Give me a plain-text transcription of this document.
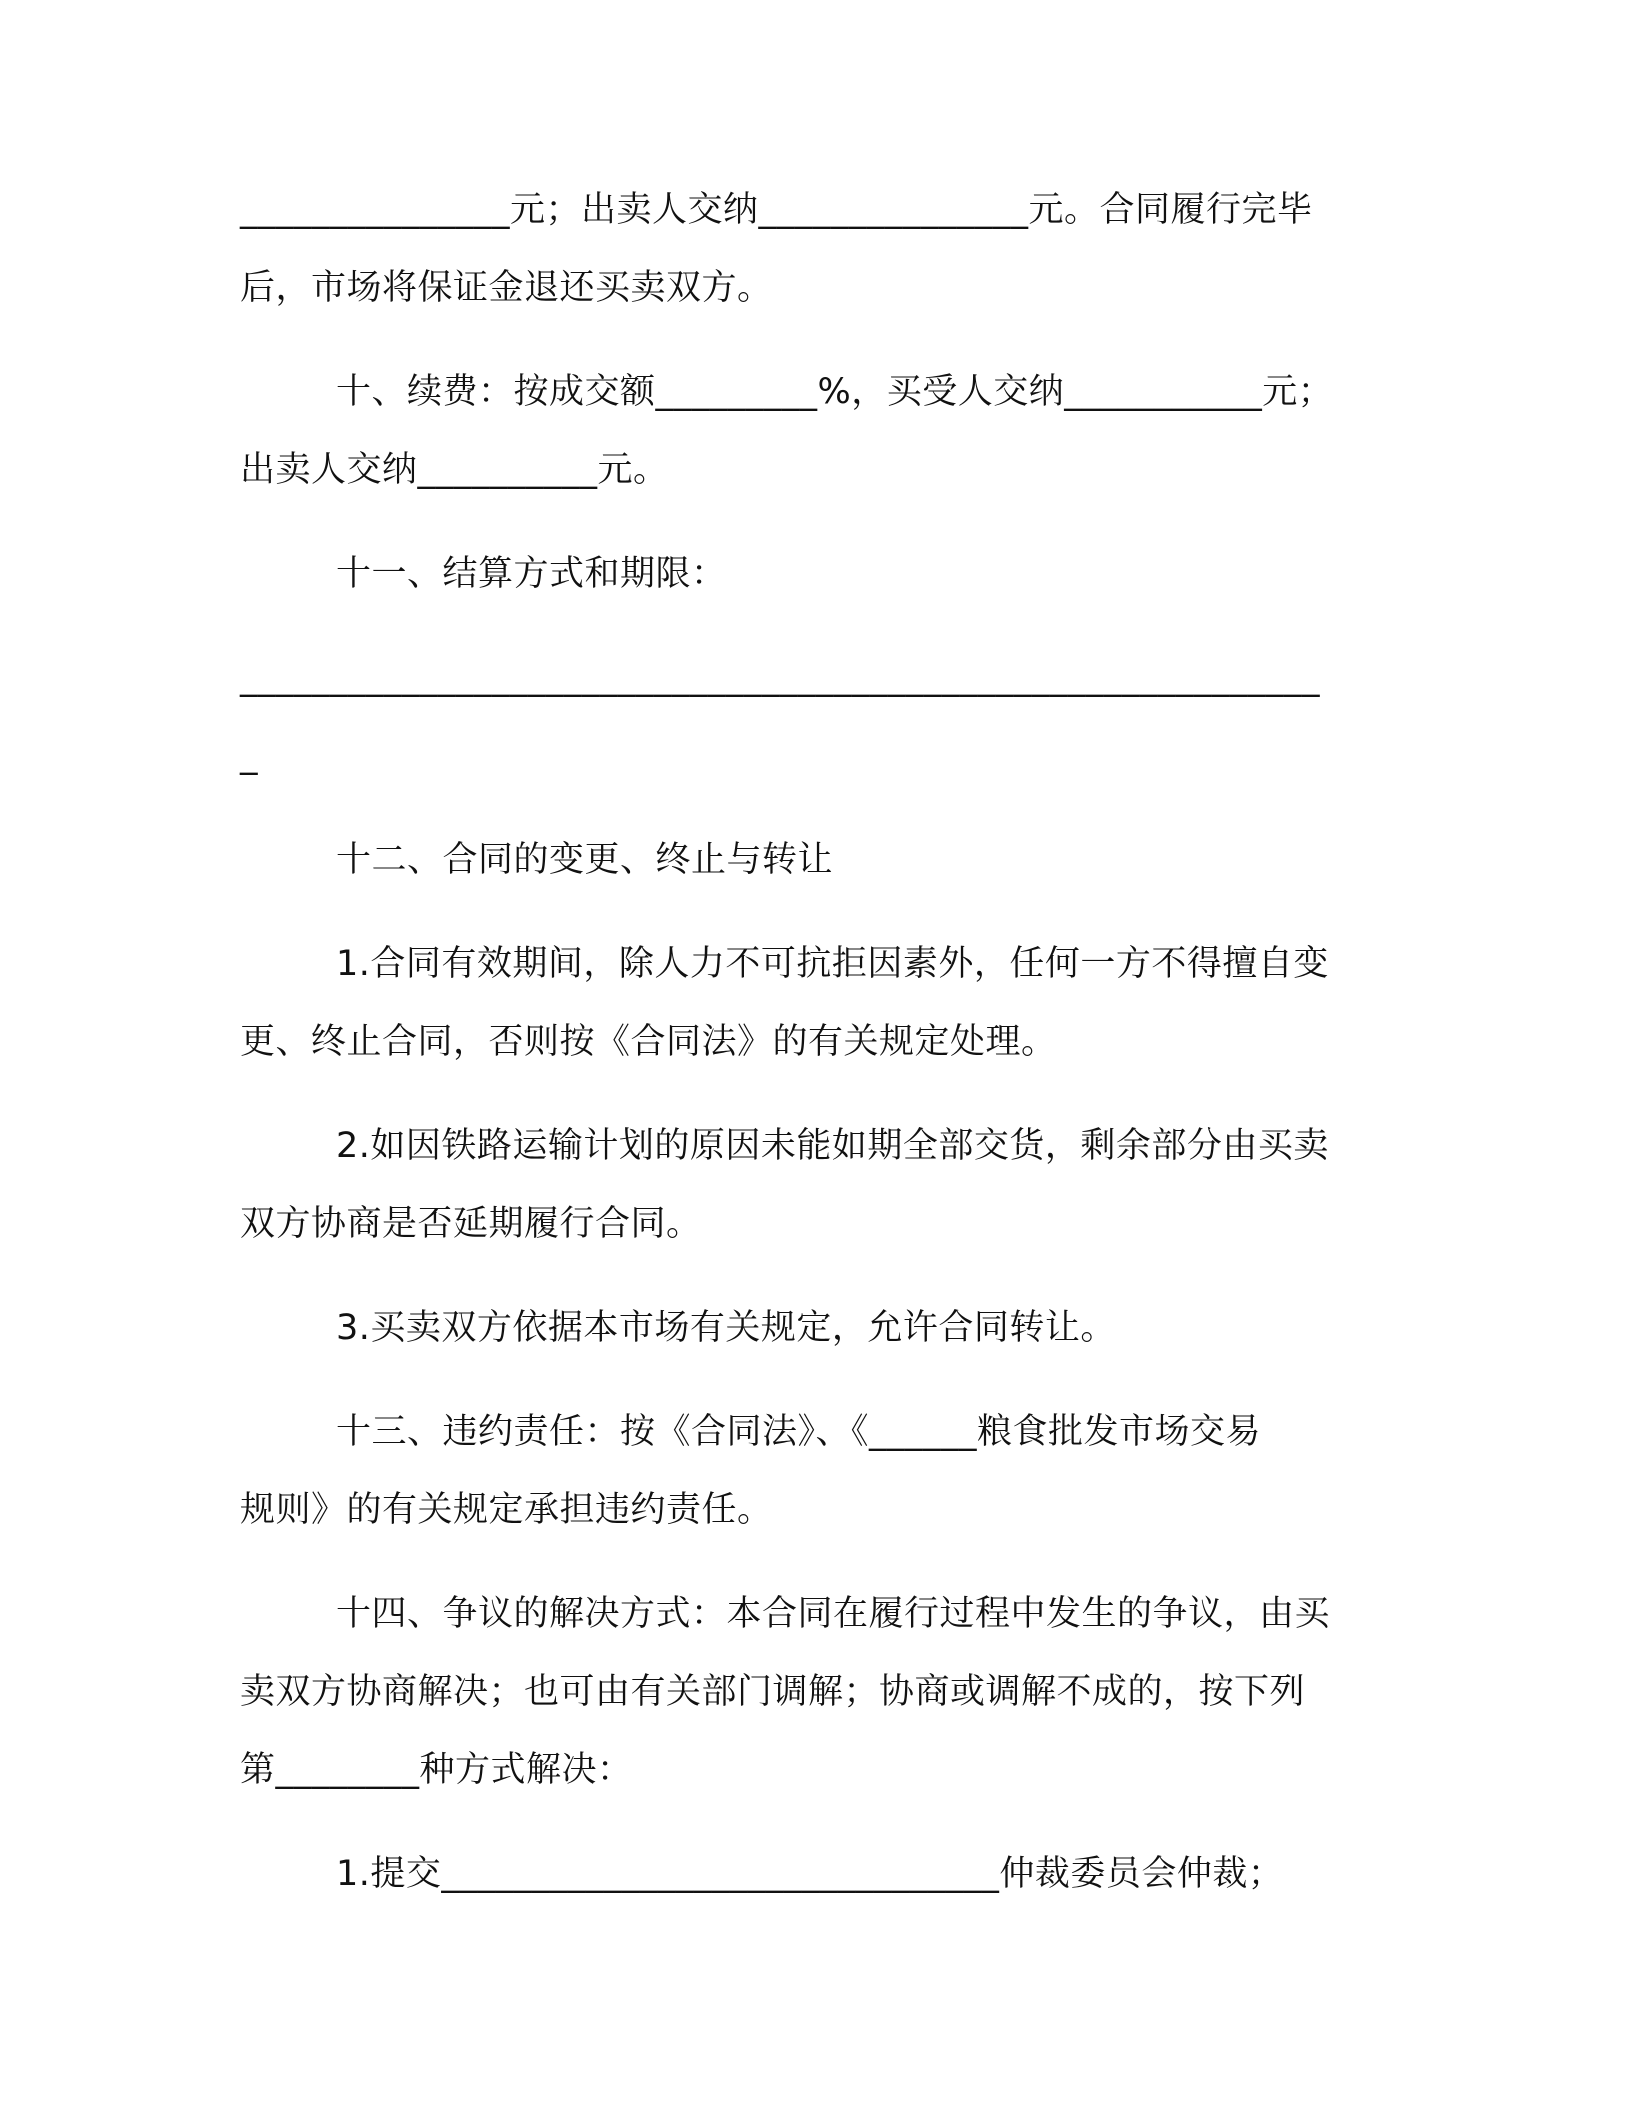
_______________元；出卖人交纳_______________元。合同履行完毕
后，市场将保证金退还买卖双方。
十、续费：按成交额_________%，买受人交纳___________元；
出卖人交纳__________元。
十一、结算方式和期限：
____________________________________________________________
_
十二、合同的变更、终止与转让
1.合同有效期间，除人力不可抗拒因素外，任何一方不得擅自变
更、终止合同，否则按《合同法》的有关规定处理。
2.如因铁路运输计划的原因未能如期全部交货，剩余部分由买卖
双方协商是否延期履行合同。
3.买卖双方依据本市场有关规定，允许合同转让。
十三、违约责任：按《合同法》、《______粮食批发市场交易
规则》的有关规定承担违约责任。
十四、争议的解决方式：本合同在履行过程中发生的争议，由买
卖双方协商解决；也可由有关部门调解；协商或调解不成的，按下列
第________种方式解决：
1.提交_______________________________仲裁委员会仲裁；
